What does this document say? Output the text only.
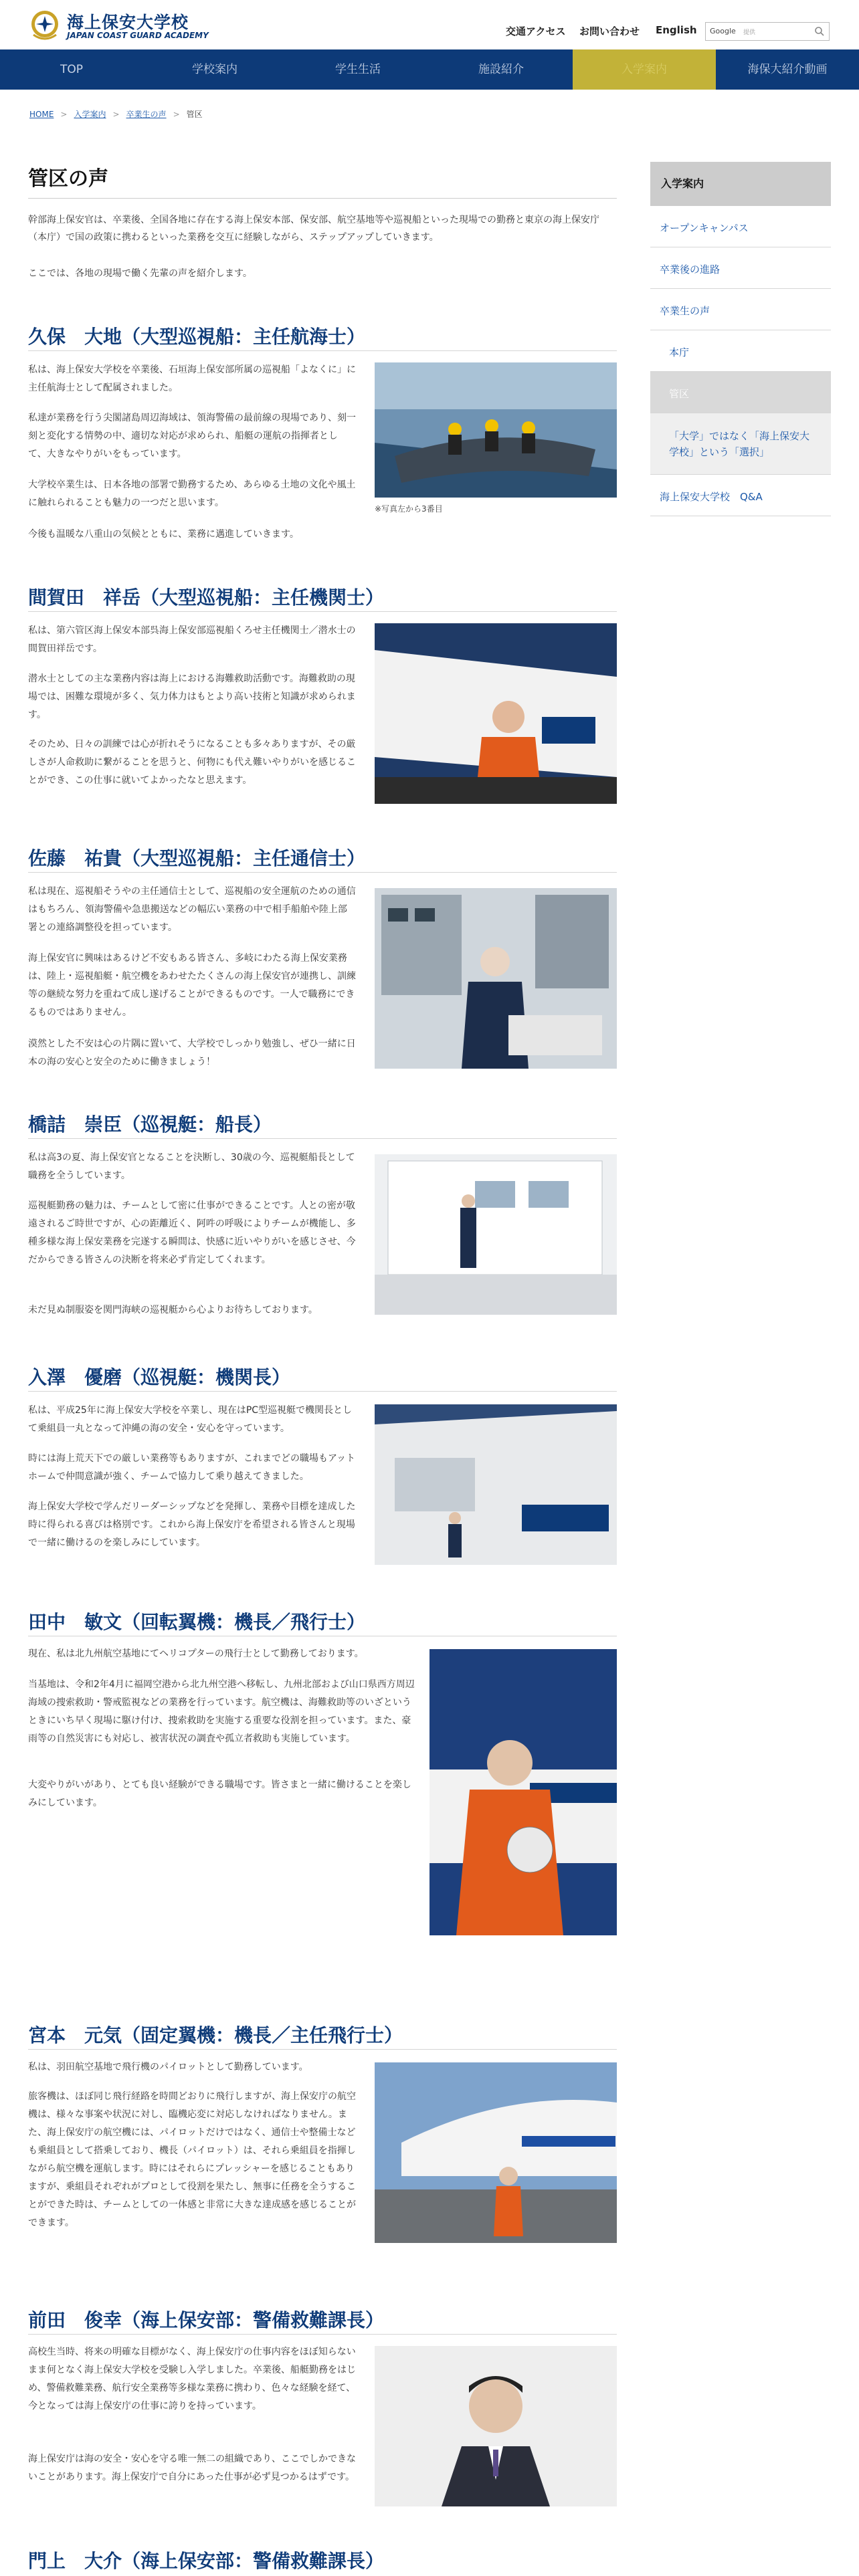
海上保安大学校
JAPAN COAST GUARD ACADEMY	交通アクセス お問い合わせ English Google 提供
TOP	学校案内	学生生活	施設紹介	入学案内	海保大紹介動画
HOME > 入学案内 > 卒業生の声 > 管区
管区の声

幹部海上保安官は、卒業後、全国各地に存在する海上保安本部、保安部、航空基地等や巡視船といった現場での勤務と東京の海上保安庁（本庁）で国の政策に携わるといった業務を交互に経験しながら、ステップアップしていきます。

ここでは、各地の現場で働く先輩の声を紹介します。

久保　大地（大型巡視船：主任航海士）

私は、海上保安大学校を卒業後、石垣海上保安部所属の巡視船「よなくに」に主任航海士として配属されました。

私達が業務を行う尖閣諸島周辺海域は、領海警備の最前線の現場であり、刻一刻と変化する情勢の中、適切な対応が求められ、船艇の運航の指揮者として、大きなやりがいをもっています。

大学校卒業生は、日本各地の部署で勤務するため、あらゆる土地の文化や風土に触れられることも魅力の一つだと思います。

今後も温暖な八重山の気候とともに、業務に邁進していきます。

※写真左から3番目
間賀田　祥岳（大型巡視船：主任機関士）

私は、第六管区海上保安本部呉海上保安部巡視船くろせ主任機関士／潜水士の間賀田祥岳です。

潜水士としての主な業務内容は海上における海難救助活動です。海難救助の現場では、困難な環境が多く、気力体力はもとより高い技術と知識が求められます。

そのため、日々の訓練では心が折れそうになることも多々ありますが、その厳しさが人命救助に繋がることを思うと、何物にも代え難いやりがいを感じることができ、この仕事に就いてよかったなと思えます。

佐藤　祐貴（大型巡視船：主任通信士）

私は現在、巡視船そうやの主任通信士として、巡視船の安全運航のための通信はもちろん、領海警備や急患搬送などの幅広い業務の中で相手船舶や陸上部署との連絡調整役を担っています。

海上保安官に興味はあるけど不安もある皆さん、多岐にわたる海上保安業務は、陸上・巡視船艇・航空機をあわせたたくさんの海上保安官が連携し、訓練等の継続な努力を重ねて成し遂げることができるものです。一人で職務にできるものではありません。

漠然とした不安は心の片隅に置いて、大学校でしっかり勉強し、ぜひ一緒に日本の海の安心と安全のために働きましょう！

橋詰　崇臣（巡視艇：船長）

私は高3の夏、海上保安官となることを決断し、30歳の今、巡視艇船長として職務を全うしています。

巡視艇勤務の魅力は、チームとして密に仕事ができることです。人との密が敬遠されるご時世ですが、心の距離近く、阿吽の呼吸によりチームが機能し、多種多様な海上保安業務を完遂する瞬間は、快感に近いやりがいを感じさせ、今だからできる皆さんの決断を将来必ず肯定してくれます。

未だ見ぬ制服姿を関門海峡の巡視艇から心よりお待ちしております。

入澤　優磨（巡視艇：機関長）

私は、平成25年に海上保安大学校を卒業し、現在はPC型巡視艇で機関長として乗組員一丸となって沖縄の海の安全・安心を守っています。

時には海上荒天下での厳しい業務等もありますが、これまでどの職場もアットホームで仲間意識が強く、チームで協力して乗り越えてきました。

海上保安大学校で学んだリーダーシップなどを発揮し、業務や目標を達成した時に得られる喜びは格別です。これから海上保安庁を希望される皆さんと現場で一緒に働けるのを楽しみにしています。

田中　敏文（回転翼機：機長／飛行士）

現在、私は北九州航空基地にてヘリコプターの飛行士として勤務しております。

当基地は、令和2年4月に福岡空港から北九州空港へ移転し、九州北部および山口県西方周辺海域の捜索救助・警戒監視などの業務を行っています。航空機は、海難救助等のいざというときにいち早く現場に駆け付け、捜索救助を実施する重要な役割を担っています。また、豪雨等の自然災害にも対応し、被害状況の調査や孤立者救助も実施しています。

大変やりがいがあり、とても良い経験ができる職場です。皆さまと一緒に働けることを楽しみにしています。

宮本　元気（固定翼機：機長／主任飛行士）

私は、羽田航空基地で飛行機のパイロットとして勤務しています。

旅客機は、ほぼ同じ飛行経路を時間どおりに飛行しますが、海上保安庁の航空機は、様々な事案や状況に対し、臨機応変に対応しなければなりません。また、海上保安庁の航空機には、パイロットだけではなく、通信士や整備士なども乗組員として搭乗しており、機長（パイロット）は、それら乗組員を指揮しながら航空機を運航します。時にはそれらにプレッシャーを感じることもありますが、乗組員それぞれがプロとして役割を果たし、無事に任務を全うすることができた時は、チームとしての一体感と非常に大きな達成感を感じることができます。

前田　俊幸（海上保安部：警備救難課長）

高校生当時、将来の明確な目標がなく、海上保安庁の仕事内容をほぼ知らないまま何となく海上保安大学校を受験し入学しました。卒業後、船艇勤務をはじめ、警備救難業務、航行安全業務等多様な業務に携わり、色々な経験を経て、今となっては海上保安庁の仕事に誇りを持っています。

海上保安庁は海の安全・安心を守る唯一無二の組織であり、ここでしかできないことがあります。海上保安庁で自分にあった仕事が必ず見つかるはずです。

門上　大介（海上保安部：警備救難課長）
入学案内
オープンキャンパス
卒業後の進路
卒業生の声
本庁
管区
「大学」ではなく「海上保安大学校」という「選択」
海上保安大学校　Q&A
